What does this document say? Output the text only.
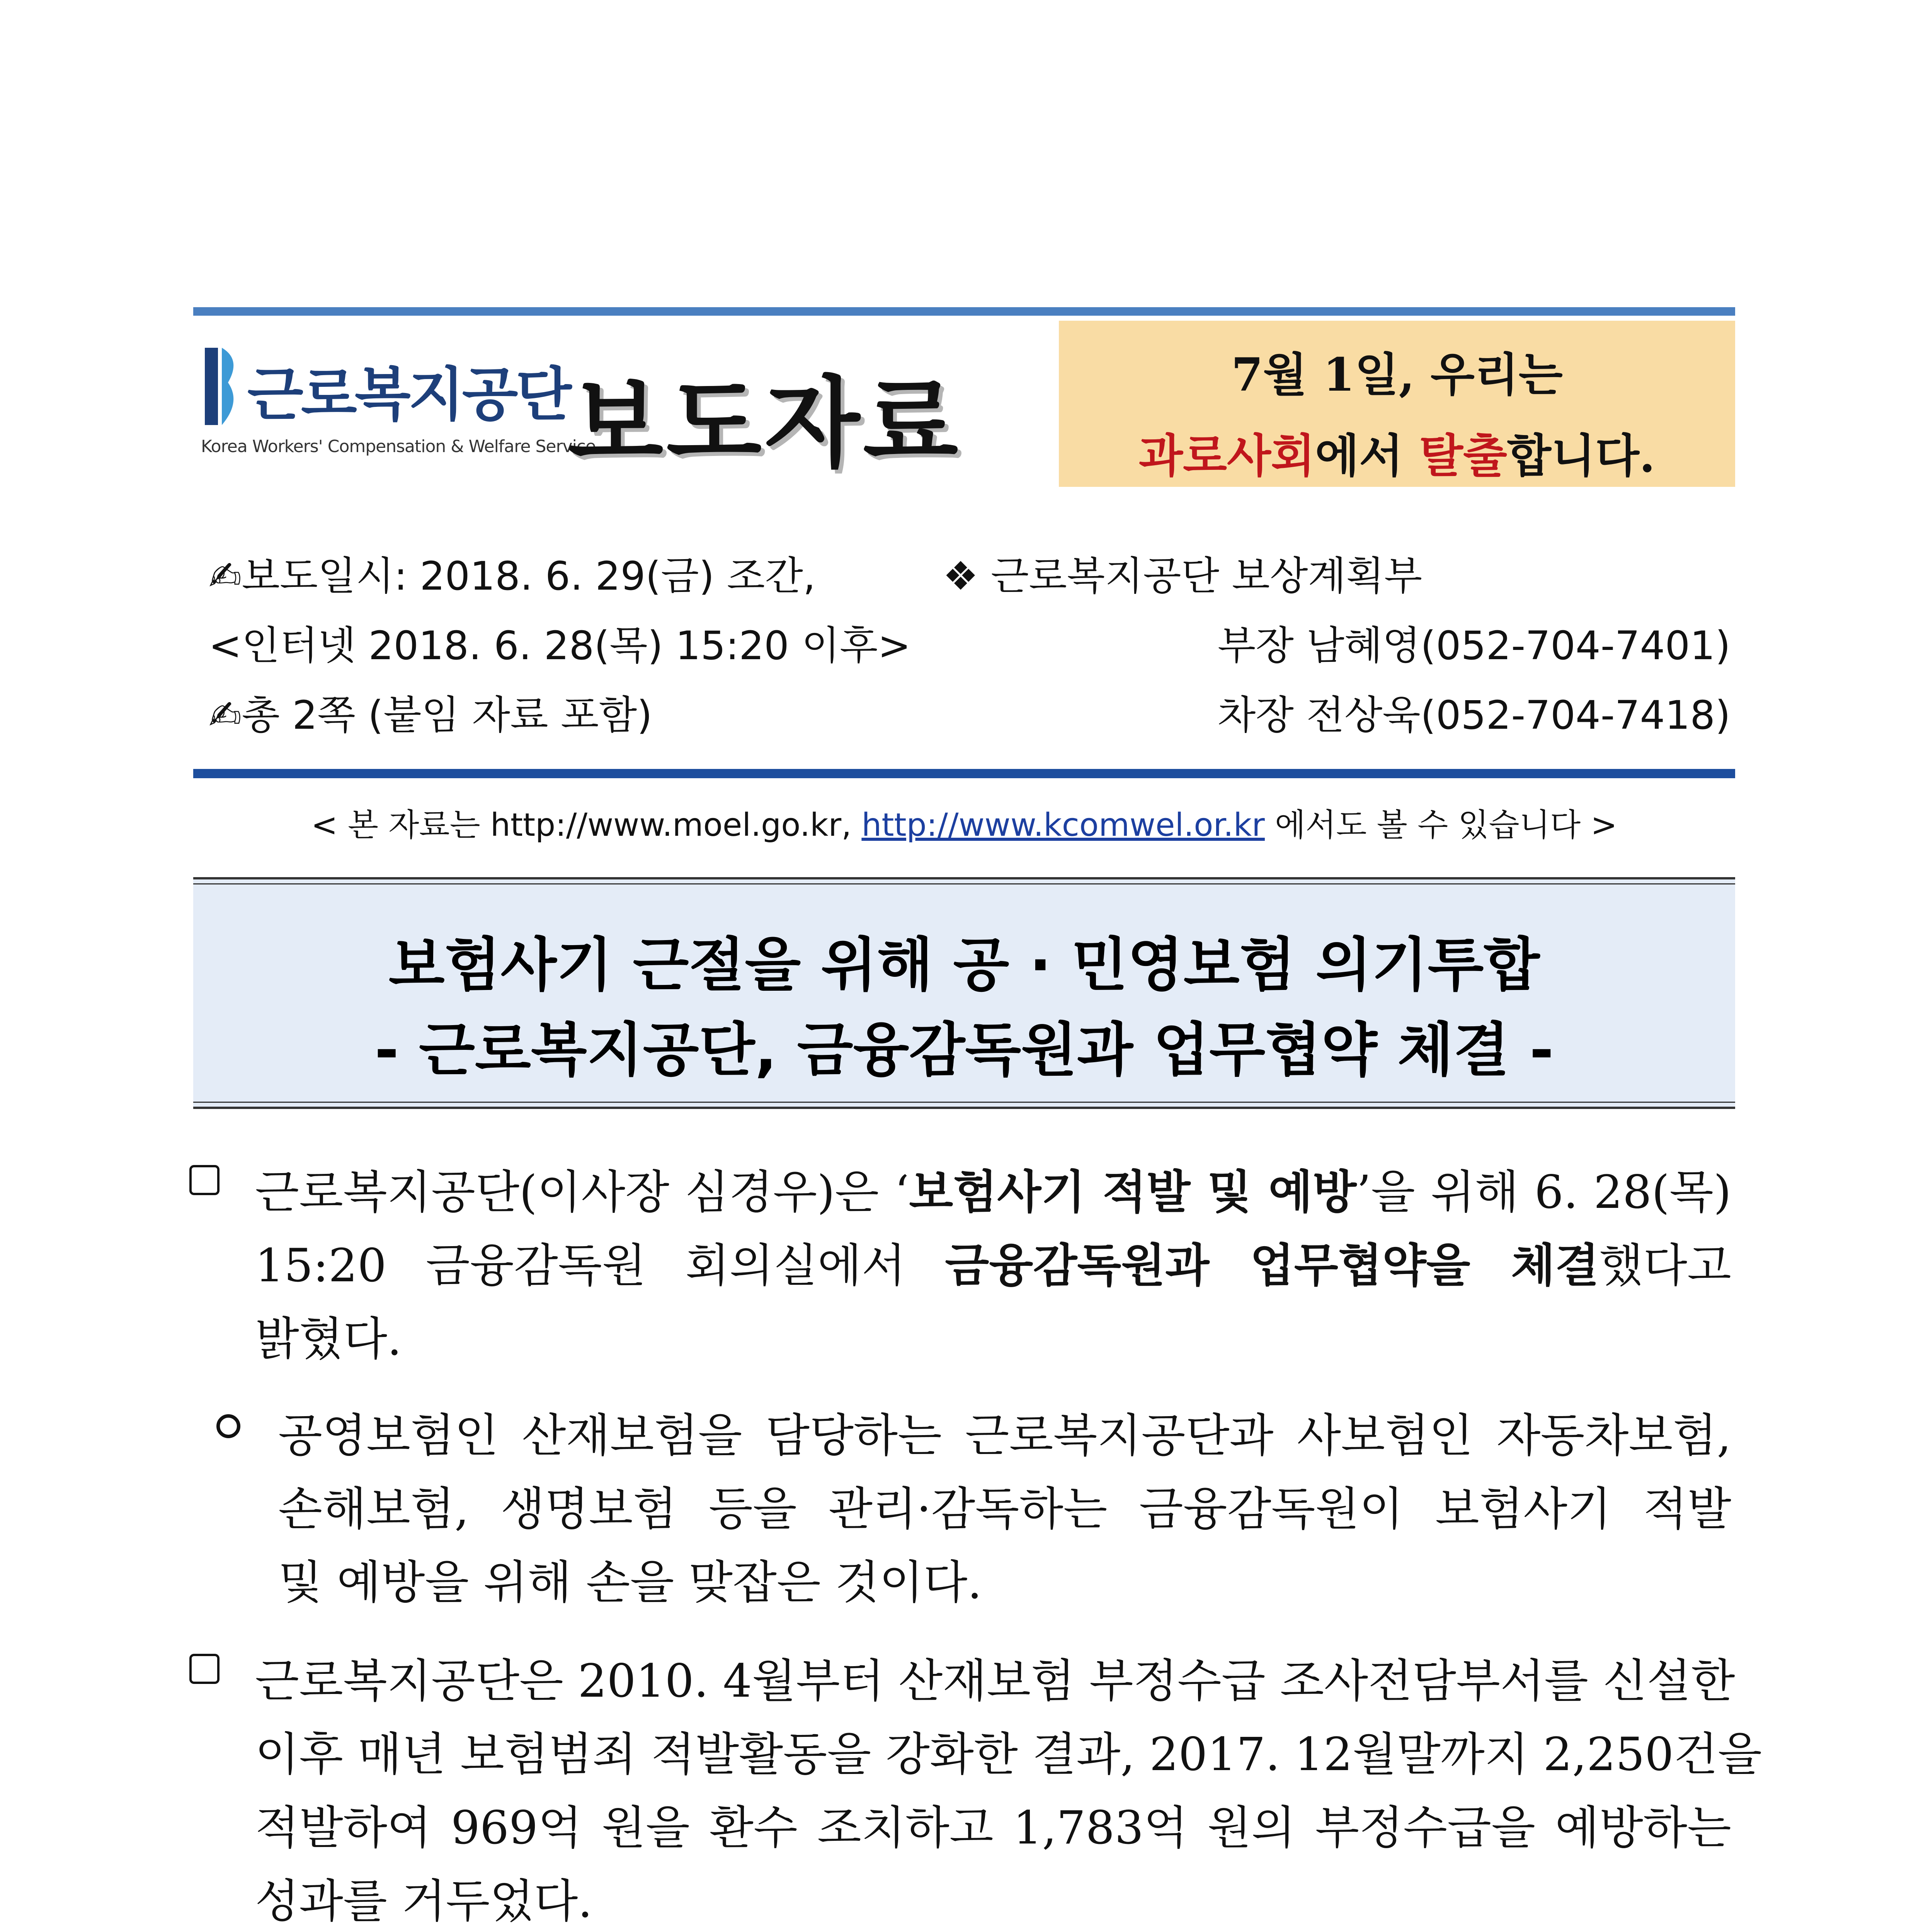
근로복지공단
Korea Workers' Compensation & Welfare Service
보도자료	7월 1일, 우리는
과로사회에서 탈출합니다.
✍보도일시: 2018. 6. 29(금) 조간,
<인터넷 2018. 6. 28(목) 15:20 이후>
✍총 2쪽 (붙임 자료 포함)
❖ 근로복지공단 보상계획부
부장 남혜영(052-704-7401)
차장 전상욱(052-704-7418)
< 본 자료는 http://www.moel.go.kr, http://www.kcomwel.or.kr 에서도 볼 수 있습니다 >
보험사기 근절을 위해 공 · 민영보험 의기투합
- 근로복지공단, 금융감독원과 업무협약 체결 -
근로복지공단(이사장 심경우)은 ‘보험사기 적발 및 예방’을 위해 6. 28(목)
15:20 금융감독원 회의실에서 금융감독원과 업무협약을 체결했다고
밝혔다.
공영보험인 산재보험을 담당하는 근로복지공단과 사보험인 자동차보험,
손해보험, 생명보험 등을 관리·감독하는 금융감독원이 보험사기 적발
및 예방을 위해 손을 맞잡은 것이다.
근로복지공단은 2010. 4월부터 산재보험 부정수급 조사전담부서를 신설한
이후 매년 보험범죄 적발활동을 강화한 결과, 2017. 12월말까지 2,250건을
적발하여 969억 원을 환수 조치하고 1,783억 원의 부정수급을 예방하는
성과를 거두었다.
